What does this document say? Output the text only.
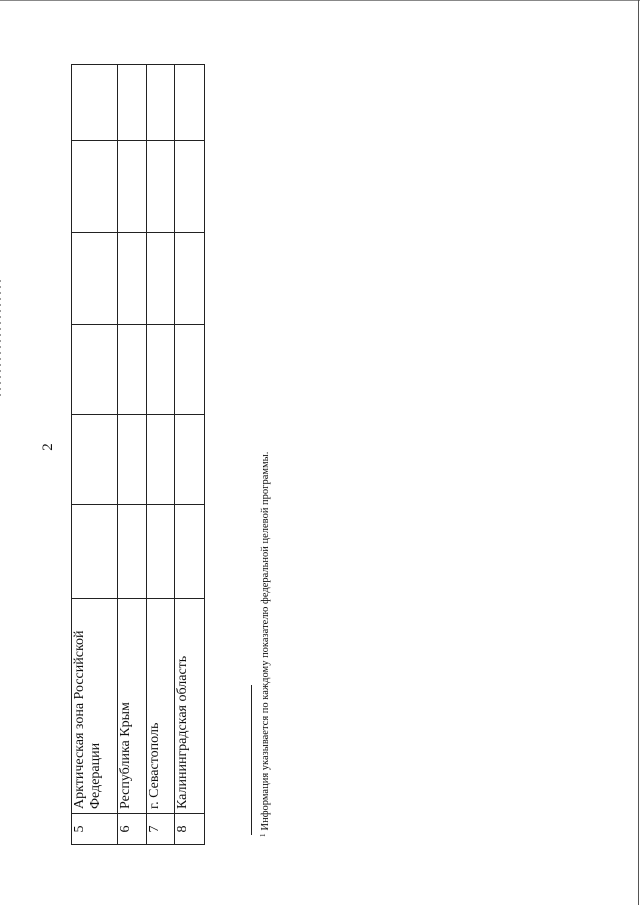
2
5	Арктическая зона Российской Федерации						
6	Республика Крым						
7	г. Севастополь						
8	Калининградская область						
$^1$Информация указывается по каждому показателю федеральной целевой программы.
